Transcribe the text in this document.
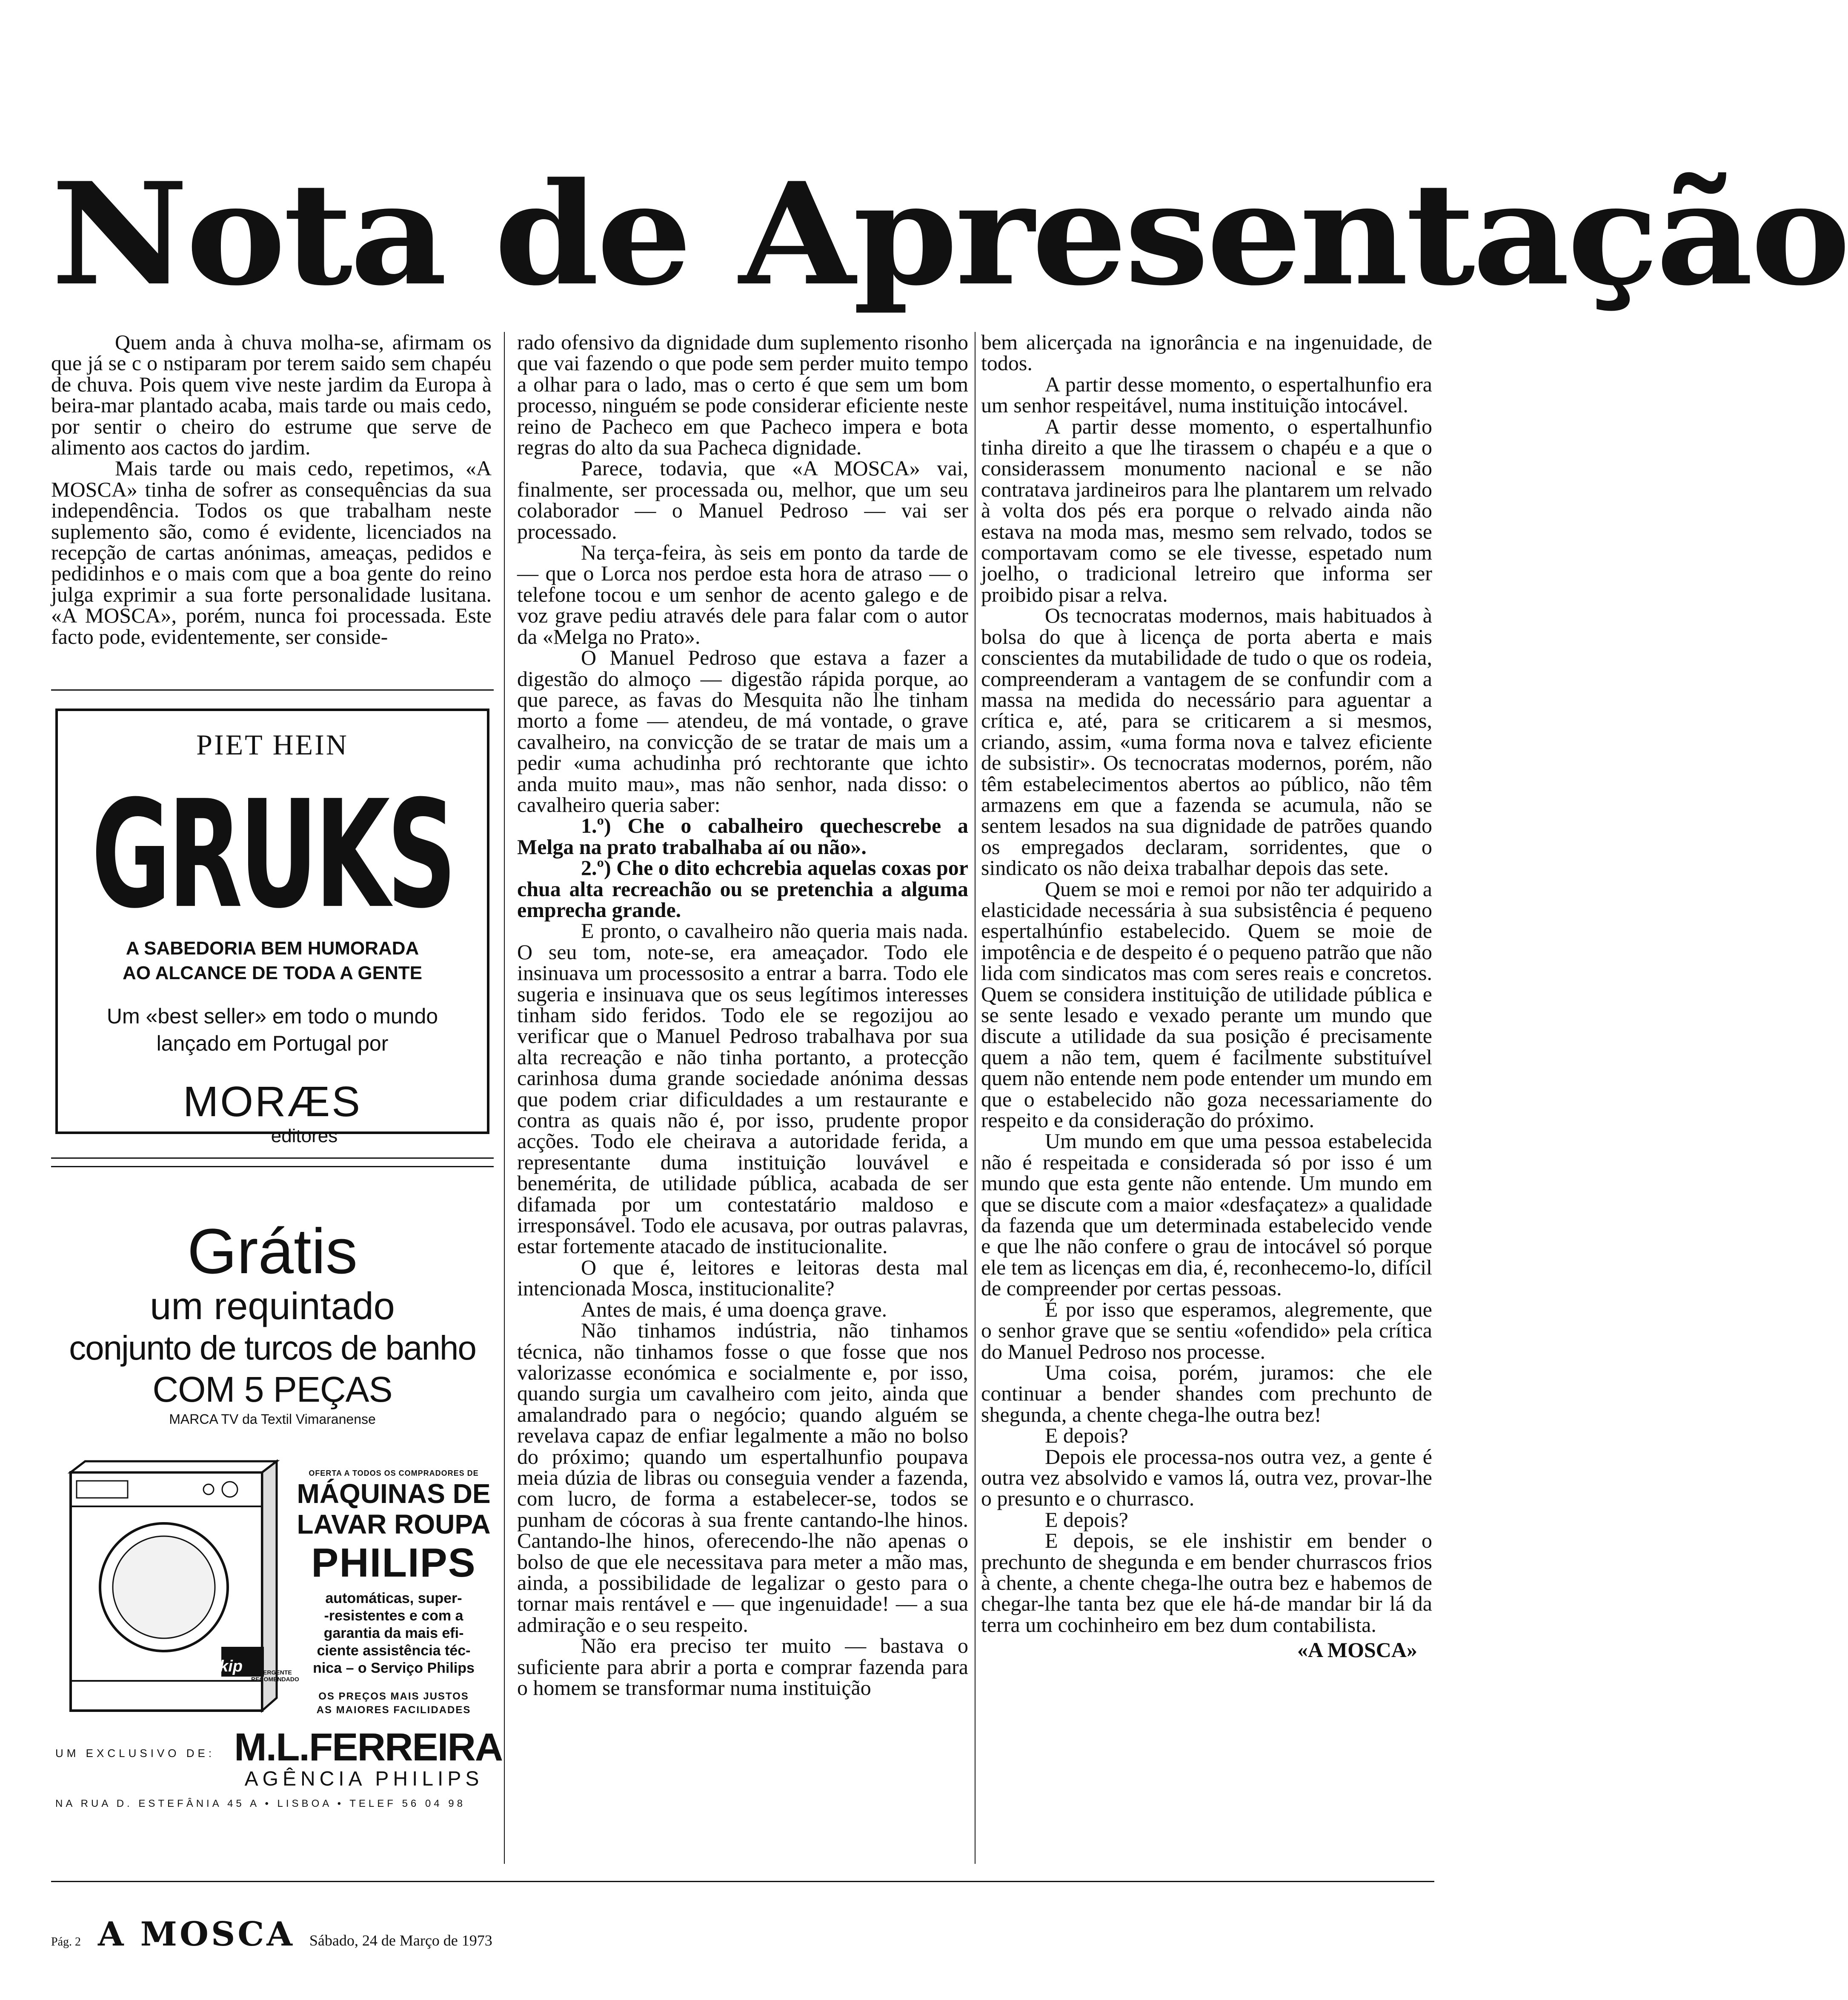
Nota de Apresentação

Quem anda à chuva molha-se, afirmam os que já se c o nstiparam por terem saido sem chapéu de chuva. Pois quem vive neste jardim da Europa à beira-mar plantado acaba, mais tarde ou mais cedo, por sentir o cheiro do estrume que serve de alimento aos cactos do jardim.

Mais tarde ou mais cedo, repetimos, «A MOSCA» tinha de sofrer as consequências da sua independência. Todos os que trabalham neste suplemento são, como é evidente, licenciados na recepção de cartas anónimas, ameaças, pedidos e pedidinhos e o mais com que a boa gente do reino julga exprimir a sua forte personalidade lusitana. «A MOSCA», porém, nunca foi processada. Este facto pode, evidentemente, ser conside-

PIET HEIN
GRUKS
A SABEDORIA BEM HUMORADA
AO ALCANCE DE TODA A GENTE
Um «best seller» em todo o mundo
lançado em Portugal por
MORÆS
editores
Grátis
um requintado
conjunto de turcos de banho
COM 5 PEÇAS
MARCA TV da Textil Vimaranense
skip	DETERGENTE RECOMENDADO
OFERTA A TODOS OS COMPRADORES DE
MÁQUINAS DE
LAVAR ROUPA
PHILIPS
automáticas, super-
-resistentes e com a
garantia da mais efi-
ciente assistência téc-
nica – o Serviço Philips
OS PREÇOS MAIS JUSTOS
AS MAIORES FACILIDADES
UM EXCLUSIVO DE: M.L.FERREIRA
AGÊNCIA PHILIPS
NA RUA D. ESTEFÂNIA 45 A • LISBOA • TELEF 56 04 98

rado ofensivo da dignidade dum suplemento risonho que vai fazendo o que pode sem perder muito tempo a olhar para o lado, mas o certo é que sem um bom processo, ninguém se pode considerar eficiente neste reino de Pacheco em que Pacheco impera e bota regras do alto da sua Pacheca dignidade.

Parece, todavia, que «A MOSCA» vai, finalmente, ser processada ou, melhor, que um seu colaborador — o Manuel Pedroso — vai ser processado.

Na terça-feira, às seis em ponto da tarde de — que o Lorca nos perdoe esta hora de atraso — o telefone tocou e um senhor de acento galego e de voz grave pediu através dele para falar com o autor da «Melga no Prato».

O Manuel Pedroso que estava a fazer a digestão do almoço — digestão rápida porque, ao que parece, as favas do Mesquita não lhe tinham morto a fome — atendeu, de má vontade, o grave cavalheiro, na convicção de se tratar de mais um a pedir «uma achudinha pró rechtorante que ichto anda muito mau», mas não senhor, nada disso: o cavalheiro queria saber:

1.º) Che o cabalheiro quechescrebe a Melga na prato trabalhaba aí ou não».

2.º) Che o dito echcrebia aquelas coxas por chua alta recreachão ou se pretenchia a alguma emprecha grande.

E pronto, o cavalheiro não queria mais nada. O seu tom, note-se, era ameaçador. Todo ele insinuava um processosito a entrar a barra. Todo ele sugeria e insinuava que os seus legítimos interesses tinham sido feridos. Todo ele se regozijou ao verificar que o Manuel Pedroso trabalhava por sua alta recreação e não tinha portanto, a protecção carinhosa duma grande sociedade anónima dessas que podem criar dificuldades a um restaurante e contra as quais não é, por isso, prudente propor acções. Todo ele cheirava a autoridade ferida, a representante duma instituição louvável e benemérita, de utilidade pública, acabada de ser difamada por um contestatário maldoso e irresponsável. Todo ele acusava, por outras palavras, estar fortemente atacado de institucionalite.

O que é, leitores e leitoras desta mal intencionada Mosca, institucionalite?

Antes de mais, é uma doença grave.

Não tinhamos indústria, não tinhamos técnica, não tinhamos fosse o que fosse que nos valorizasse económica e socialmente e, por isso, quando surgia um cavalheiro com jeito, ainda que amalandrado para o negócio; quando alguém se revelava capaz de enfiar legalmente a mão no bolso do próximo; quando um espertalhunfio poupava meia dúzia de libras ou conseguia vender a fazenda, com lucro, de forma a estabelecer-se, todos se punham de cócoras à sua frente cantando-lhe hinos. Cantando-lhe hinos, oferecendo-lhe não apenas o bolso de que ele necessitava para meter a mão mas, ainda, a possibilidade de legalizar o gesto para o tornar mais rentável e — que ingenuidade! — a sua admiração e o seu respeito.

Não era preciso ter muito — bastava o suficiente para abrir a porta e comprar fazenda para o homem se transformar numa instituição

bem alicerçada na ignorância e na ingenuidade, de todos.

A partir desse momento, o espertalhunfio era um senhor respeitável, numa instituição intocável.

A partir desse momento, o espertalhunfio tinha direito a que lhe tirassem o chapéu e a que o considerassem monumento nacional e se não contratava jardineiros para lhe plantarem um relvado à volta dos pés era porque o relvado ainda não estava na moda mas, mesmo sem relvado, todos se comportavam como se ele tivesse, espetado num joelho, o tradicional letreiro que informa ser proibido pisar a relva.

Os tecnocratas modernos, mais habituados à bolsa do que à licença de porta aberta e mais conscientes da mutabilidade de tudo o que os rodeia, compreenderam a vantagem de se confundir com a massa na medida do necessário para aguentar a crítica e, até, para se criticarem a si mesmos, criando, assim, «uma forma nova e talvez eficiente de subsistir». Os tecnocratas modernos, porém, não têm estabelecimentos abertos ao público, não têm armazens em que a fazenda se acumula, não se sentem lesados na sua dignidade de patrões quando os empregados declaram, sorridentes, que o sindicato os não deixa trabalhar depois das sete.

Quem se moi e remoi por não ter adquirido a elasticidade necessária à sua subsistência é pequeno espertalhúnfio estabelecido. Quem se moie de impotência e de despeito é o pequeno patrão que não lida com sindicatos mas com seres reais e concretos. Quem se considera instituição de utilidade pública e se sente lesado e vexado perante um mundo que discute a utilidade da sua posição é precisamente quem a não tem, quem é facilmente substituível quem não entende nem pode entender um mundo em que o estabelecido não goza necessariamente do respeito e da consideração do próximo.

Um mundo em que uma pessoa estabelecida não é respeitada e considerada só por isso é um mundo que esta gente não entende. Um mundo em que se discute com a maior «desfaçatez» a qualidade da fazenda que um determinada estabelecido vende e que lhe não confere o grau de intocável só porque ele tem as licenças em dia, é, reconhecemo-lo, difícil de compreender por certas pessoas.

É por isso que esperamos, alegremente, que o senhor grave que se sentiu «ofendido» pela crítica do Manuel Pedroso nos processe.

Uma coisa, porém, juramos: che ele continuar a bender shandes com prechunto de shegunda, a chente chega-lhe outra bez!

E depois?

Depois ele processa-nos outra vez, a gente é outra vez absolvido e vamos lá, outra vez, provar-lhe o presunto e o churrasco.

E depois?

E depois, se ele inshistir em bender o prechunto de shegunda e em bender churrascos frios à chente, a chente chega-lhe outra bez e habemos de chegar-lhe tanta bez que ele há-de mandar bir lá da terra um cochinheiro em bez dum contabilista.

«A MOSCA»

Pág. 2 A MOSCA Sábado, 24 de Março de 1973
